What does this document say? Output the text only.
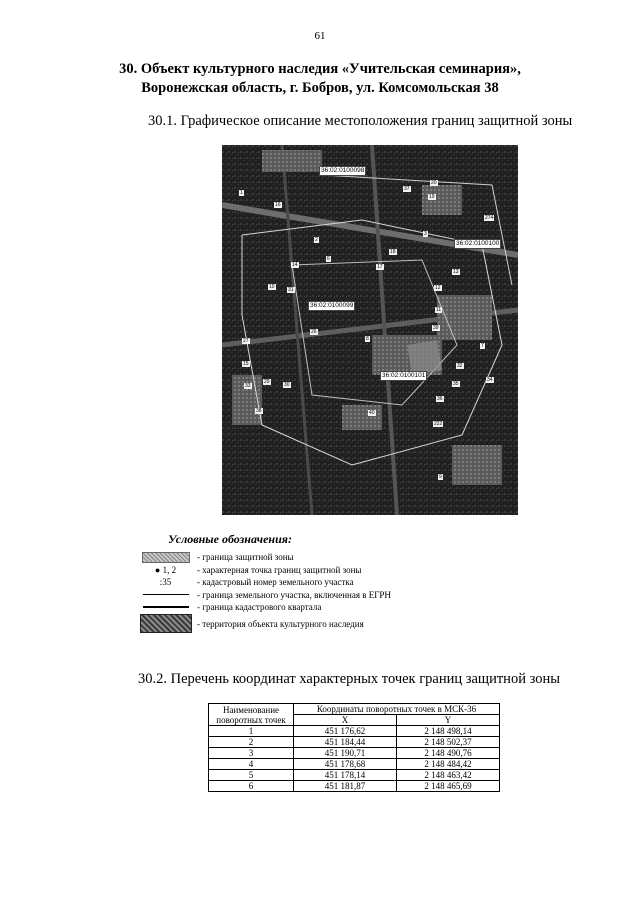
61
30. Объект культурного наследия «Учительская семинария»,
Воронежская область, г. Бобров, ул. Комсомольская 38
30.1. Графическое описание местоположения границ защитной зоны
36:02:0100098
36:02:0100100
36:02:0100099
36:02:0100101
1
37
20
19
16
274
2
3
6
18
14	17
13
10	12
31
11
26
39
27
7
8
15	32
29
33	30	35
34
36
38	40
222
9
Условные обозначения:
- граница защитной зоны
● 1, 2	- характерная точка границ защитной зоны
:35	- кадастровый номер земельного участка
- граница земельного участка, включенная в ЕГРН
- граница кадастрового квартала
- территория объекта культурного наследия
30.2. Перечень координат характерных точек границ защитной зоны
Наименование поворотных точек	Координаты поворотных точек в МСК-36	
	X	Y
1	451 176,62	2 148 498,14
2	451 184,44	2 148 502,37
3	451 190,71	2 148 490,76
4	451 178,68	2 148 484,42
5	451 178,14	2 148 463,42
6	451 181,87	2 148 465,69
